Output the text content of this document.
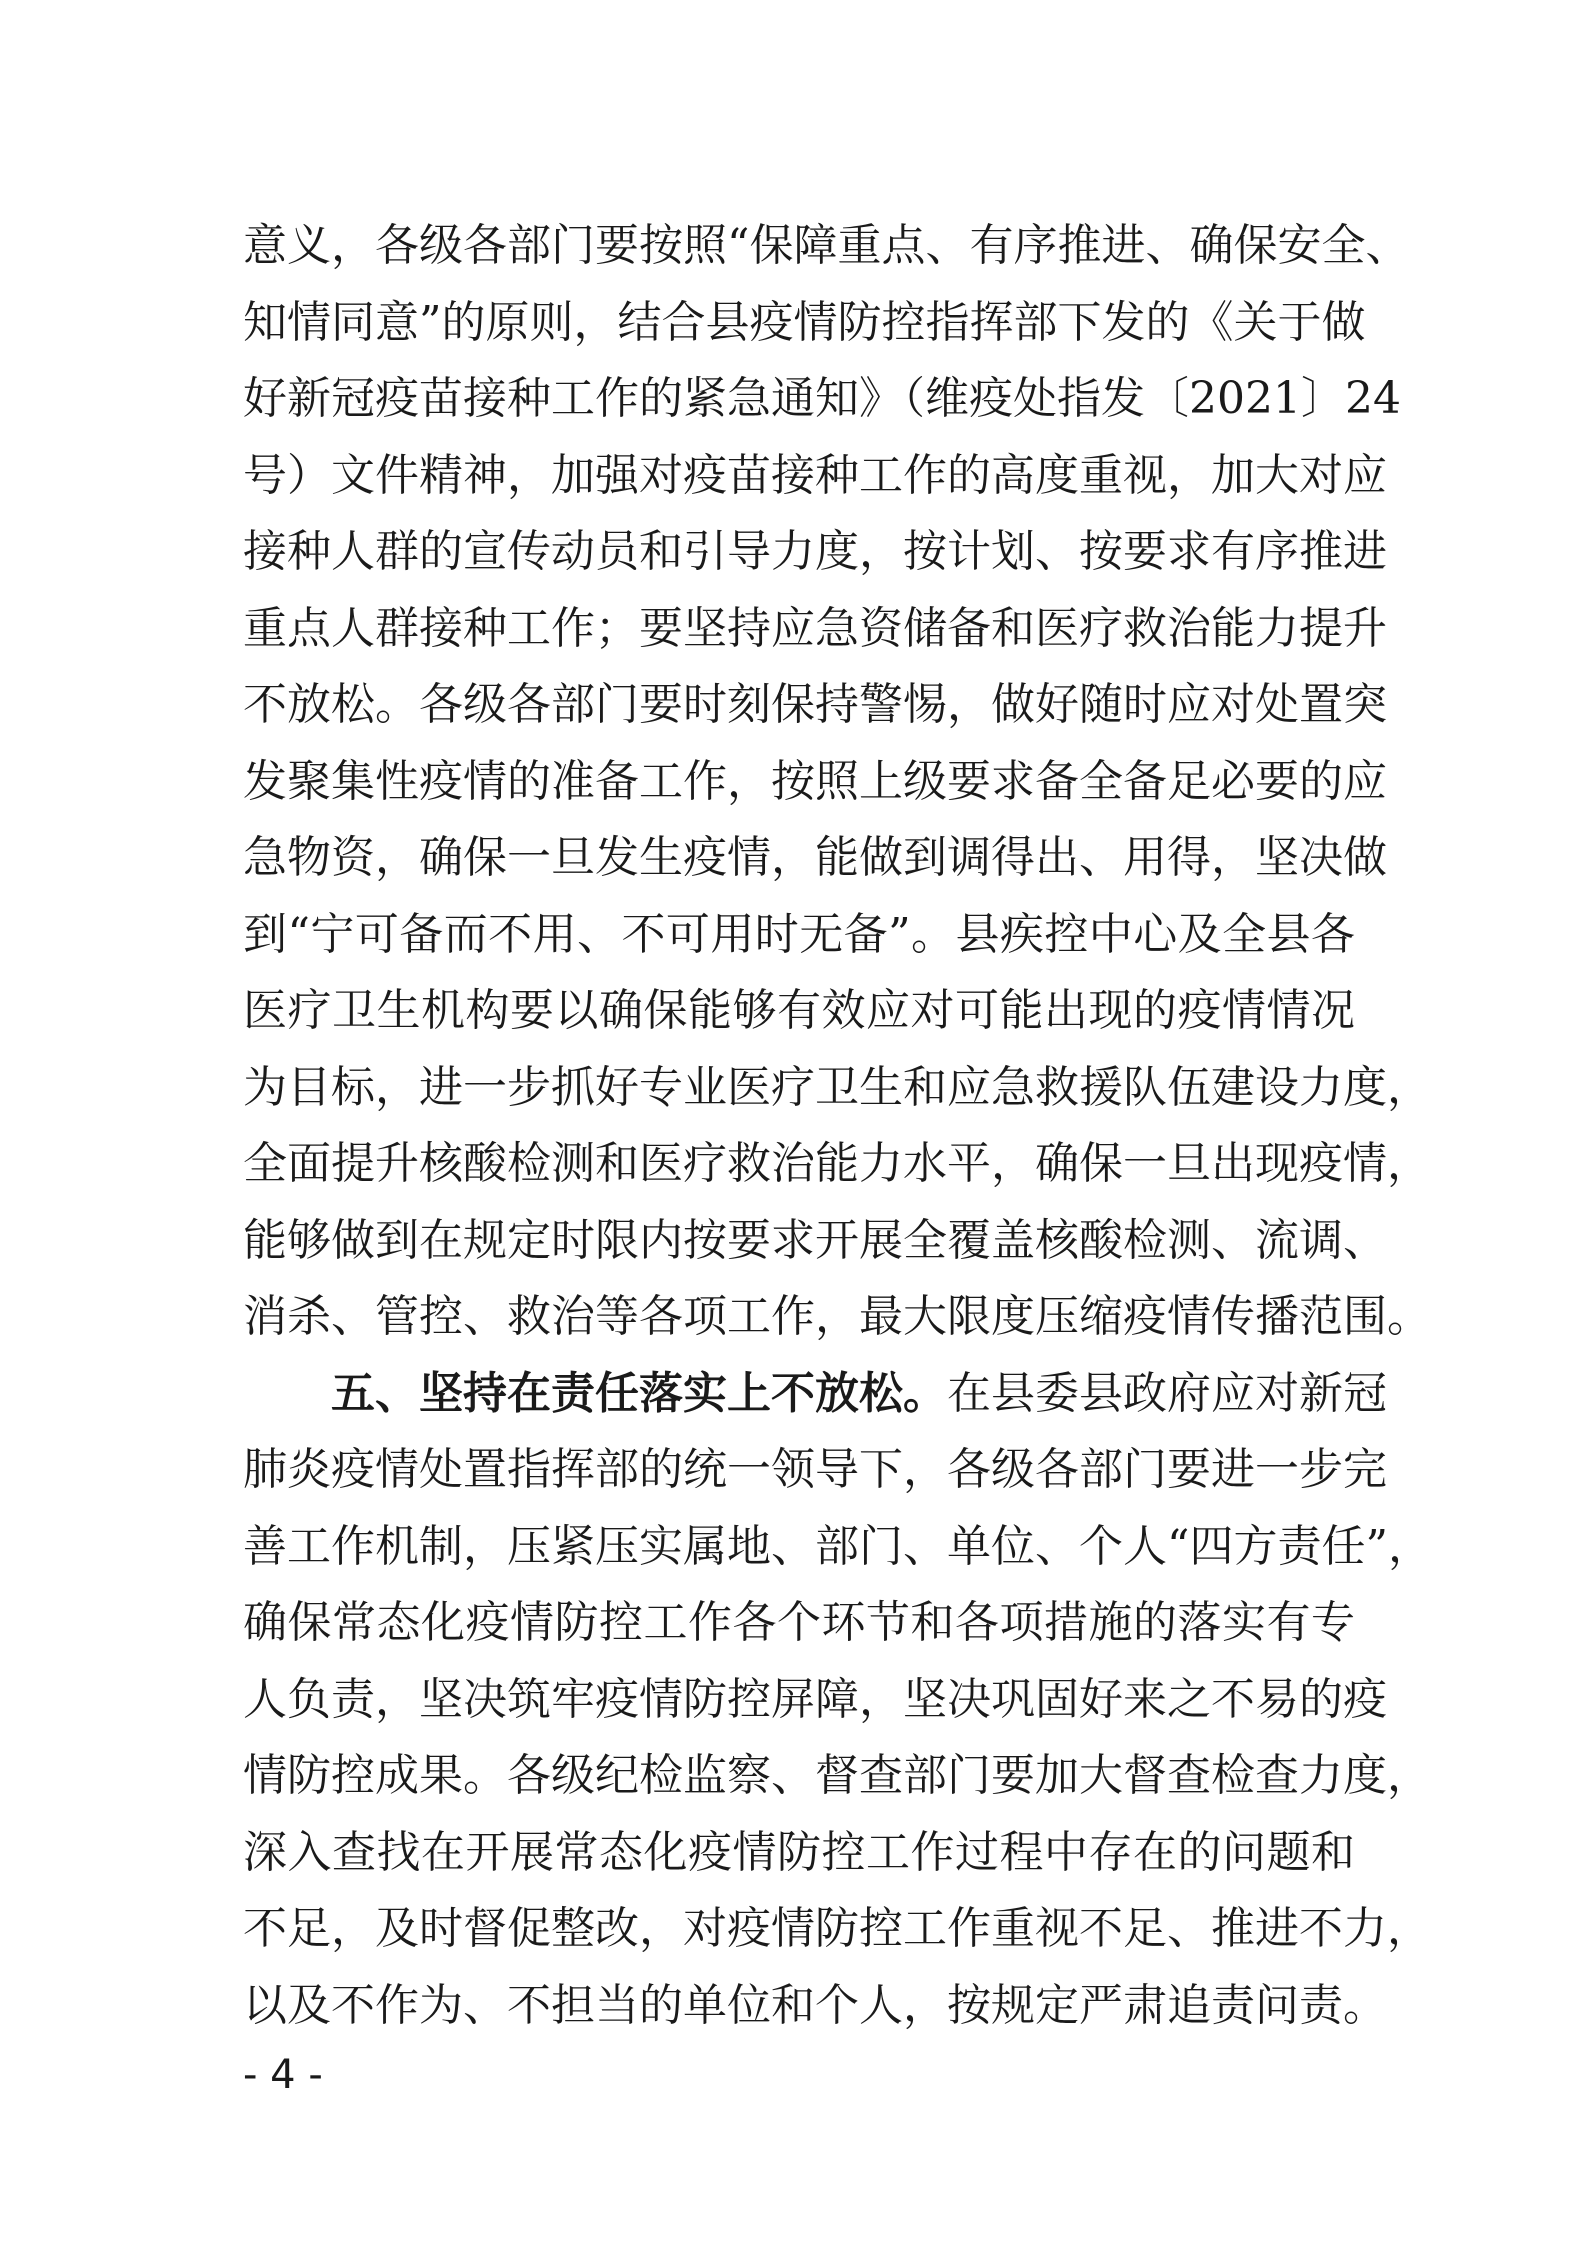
意义，各级各部门要按照“保障重点、有序推进、确保安全、
知情同意”的原则，结合县疫情防控指挥部下发的《关于做
好新冠疫苗接种工作的紧急通知》（维疫处指发〔2021〕24
号）文件精神，加强对疫苗接种工作的高度重视，加大对应
接种人群的宣传动员和引导力度，按计划、按要求有序推进
重点人群接种工作；要坚持应急资储备和医疗救治能力提升
不放松。各级各部门要时刻保持警惕，做好随时应对处置突
发聚集性疫情的准备工作，按照上级要求备全备足必要的应
急物资，确保一旦发生疫情，能做到调得出、用得，坚决做
到“宁可备而不用、不可用时无备”。县疾控中心及全县各
医疗卫生机构要以确保能够有效应对可能出现的疫情情况
为目标，进一步抓好专业医疗卫生和应急救援队伍建设力度，
全面提升核酸检测和医疗救治能力水平，确保一旦出现疫情，
能够做到在规定时限内按要求开展全覆盖核酸检测、流调、
消杀、管控、救治等各项工作，最大限度压缩疫情传播范围。
五、坚持在责任落实上不放松。在县委县政府应对新冠
肺炎疫情处置指挥部的统一领导下，各级各部门要进一步完
善工作机制，压紧压实属地、部门、单位、个人“四方责任”，
确保常态化疫情防控工作各个环节和各项措施的落实有专
人负责，坚决筑牢疫情防控屏障，坚决巩固好来之不易的疫
情防控成果。各级纪检监察、督查部门要加大督查检查力度，
深入查找在开展常态化疫情防控工作过程中存在的问题和
不足，及时督促整改，对疫情防控工作重视不足、推进不力，
以及不作为、不担当的单位和个人，按规定严肃追责问责。
- 4 -
